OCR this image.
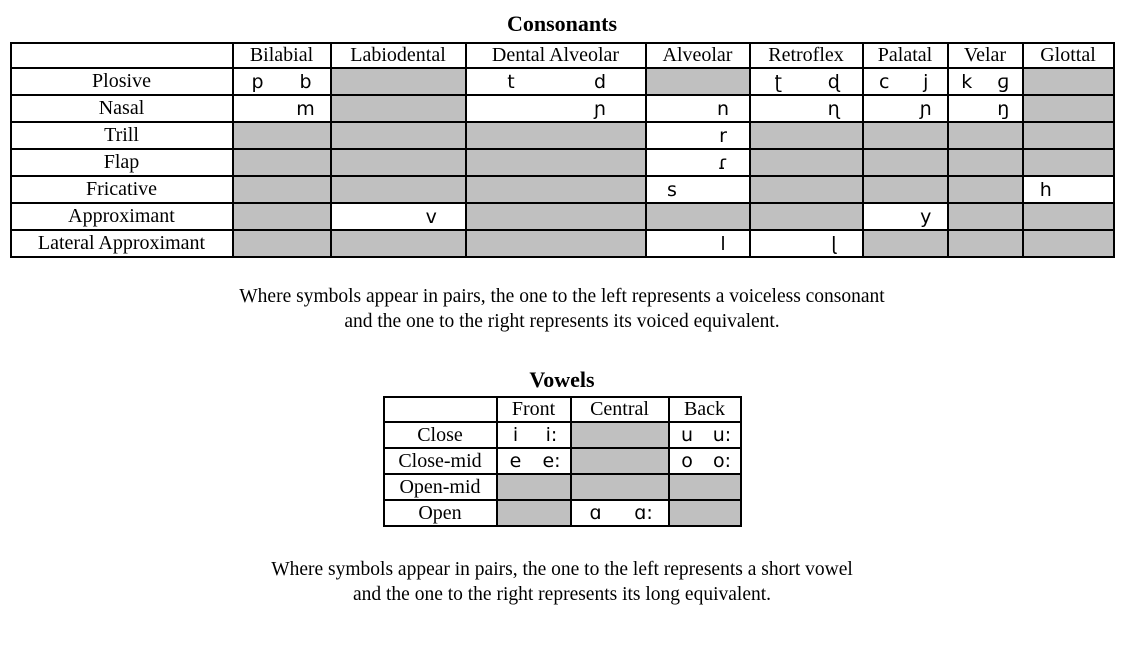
Consonants
	Bilabial	Labiodental	Dental Alveolar	Alveolar	Retroflex	Palatal	Velar	Glottal
Plosive	p b		t d		ʈ ɖ	c j	k ɡ	

Nasal	m		ɲ	n	ɳ	ɲ	ŋ	

Trill				r				

Flap				ɾ				

Fricative				s				h

Approximant		v				y		

Lateral Approximant				l	ɭ			

Where symbols appear in pairs, the one to the left represents a voiceless consonant
and the one to the right represents its voiced equivalent.

Vowels
	Front	Central	Back
Close	i i:		u u:

Close-mid	e e:		o o:

Open-mid			
Open		ɑ ɑ:	

Where symbols appear in pairs, the one to the left represents a short vowel
and the one to the right represents its long equivalent.
